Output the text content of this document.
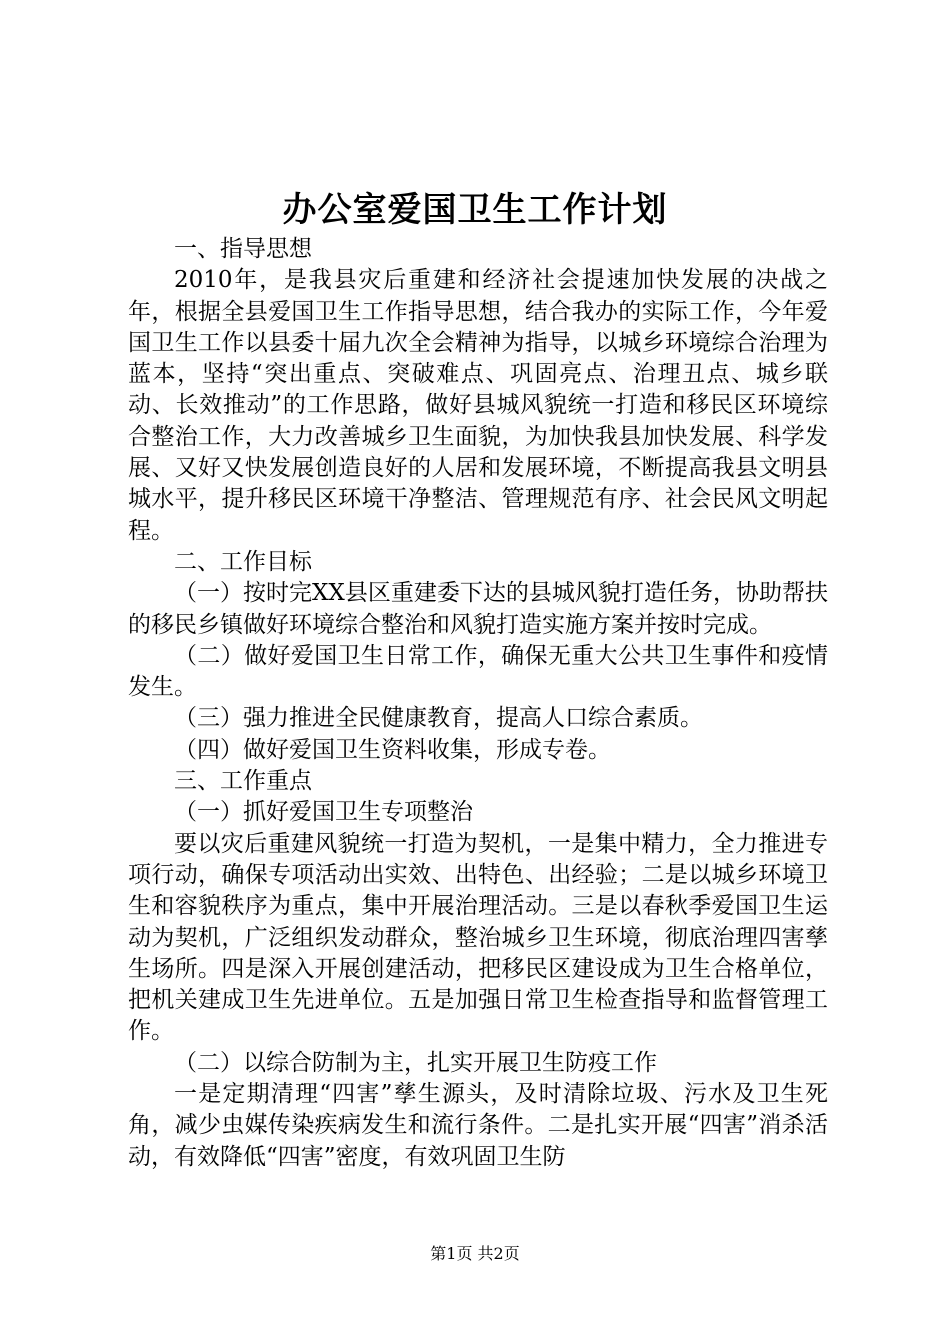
办公室爱国卫生工作计划

一、指导思想

2010年，是我县灾后重建和经济社会提速加快发展的决战之年，根据全县爱国卫生工作指导思想，结合我办的实际工作，今年爱国卫生工作以县委十届九次全会精神为指导，以城乡环境综合治理为蓝本，坚持“突出重点、突破难点、巩固亮点、治理丑点、城乡联动、长效推动”的工作思路，做好县城风貌统一打造和移民区环境综合整治工作，大力改善城乡卫生面貌，为加快我县加快发展、科学发展、又好又快发展创造良好的人居和发展环境，不断提高我县文明县城水平，提升移民区环境干净整洁、管理规范有序、社会民风文明起程。

二、工作目标

（一）按时完XX县区重建委下达的县城风貌打造任务，协助帮扶的移民乡镇做好环境综合整治和风貌打造实施方案并按时完成。

（二）做好爱国卫生日常工作，确保无重大公共卫生事件和疫情发生。

（三）强力推进全民健康教育，提高人口综合素质。

（四）做好爱国卫生资料收集，形成专卷。

三、工作重点

（一）抓好爱国卫生专项整治

要以灾后重建风貌统一打造为契机，一是集中精力，全力推进专项行动，确保专项活动出实效、出特色、出经验；二是以城乡环境卫生和容貌秩序为重点，集中开展治理活动。三是以春秋季爱国卫生运动为契机，广泛组织发动群众，整治城乡卫生环境，彻底治理四害孳生场所。四是深入开展创建活动，把移民区建设成为卫生合格单位，把机关建成卫生先进单位。五是加强日常卫生检查指导和监督管理工作。

（二）以综合防制为主，扎实开展卫生防疫工作

一是定期清理“四害”孳生源头，及时清除垃圾、污水及卫生死角，减少虫媒传染疾病发生和流行条件。二是扎实开展“四害”消杀活动，有效降低“四害”密度，有效巩固卫生防

第1页 共2页
